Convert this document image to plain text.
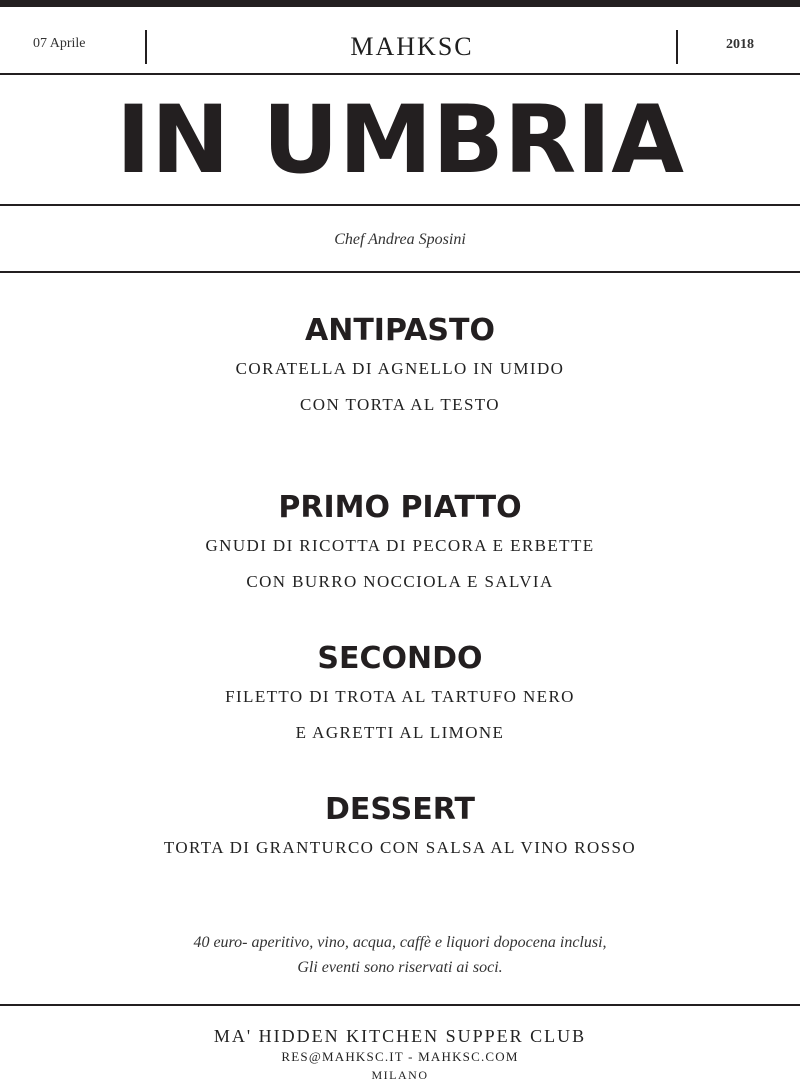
07 Aprile	MAHKSC	2018
IN UMBRIA
Chef Andrea Sposini

ANTIPASTO

CORATELLA DI AGNELLO IN UMIDO

CON TORTA AL TESTO

PRIMO PIATTO

GNUDI DI RICOTTA DI PECORA E ERBETTE

CON BURRO NOCCIOLA E SALVIA

SECONDO

FILETTO DI TROTA AL TARTUFO NERO

E AGRETTI AL LIMONE

DESSERT

TORTA DI GRANTURCO CON SALSA AL VINO ROSSO

40 euro- aperitivo, vino, acqua, caffè e liquori dopocena inclusi,
Gli eventi sono riservati ai soci.
MA' HIDDEN KITCHEN SUPPER CLUB
RES@MAHKSC.IT - MAHKSC.COM
MILANO
